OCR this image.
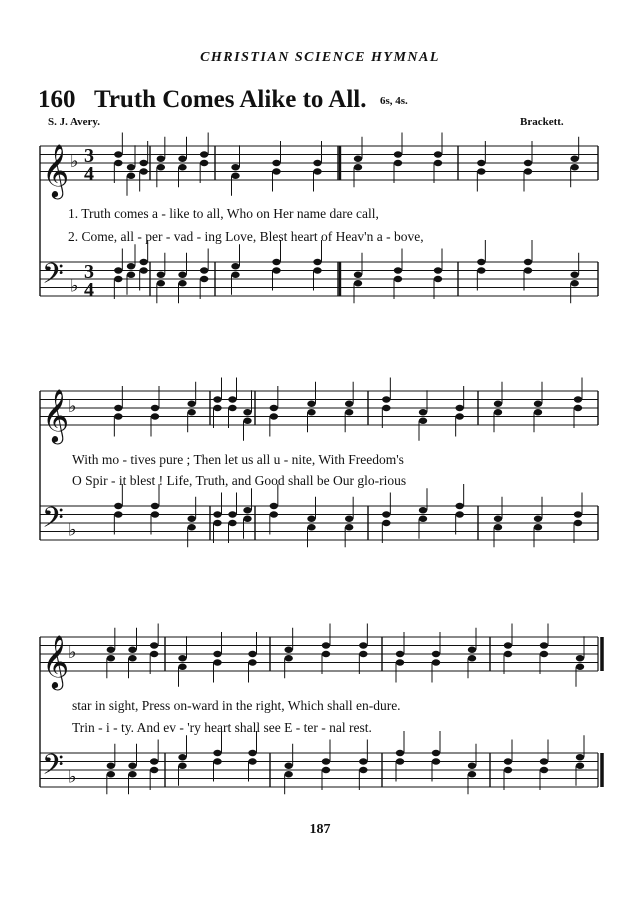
CHRISTIAN SCIENCE HYMNAL
160 Truth Comes Alike to All. 6s, 4s.
S. J. Avery.	Brackett.
𝄞
𝄢
♭
♭
3
4
3
4
𝄞
𝄢
♭
♭
𝄞
𝄢
♭
♭
1. Truth comes a - like to all, Who on Her name dare call,
2. Come, all - per - vad - ing Love, Blest heart of Heav'n a - bove,
With mo - tives pure ; Then let us all u - nite, With Freedom's
O Spir - it blest ! Life, Truth, and Good shall be Our glo-rious
star in sight, Press on-ward in the right, Which shall en-dure.
Trin - i - ty. And ev - 'ry heart shall see E - ter - nal rest.
187
